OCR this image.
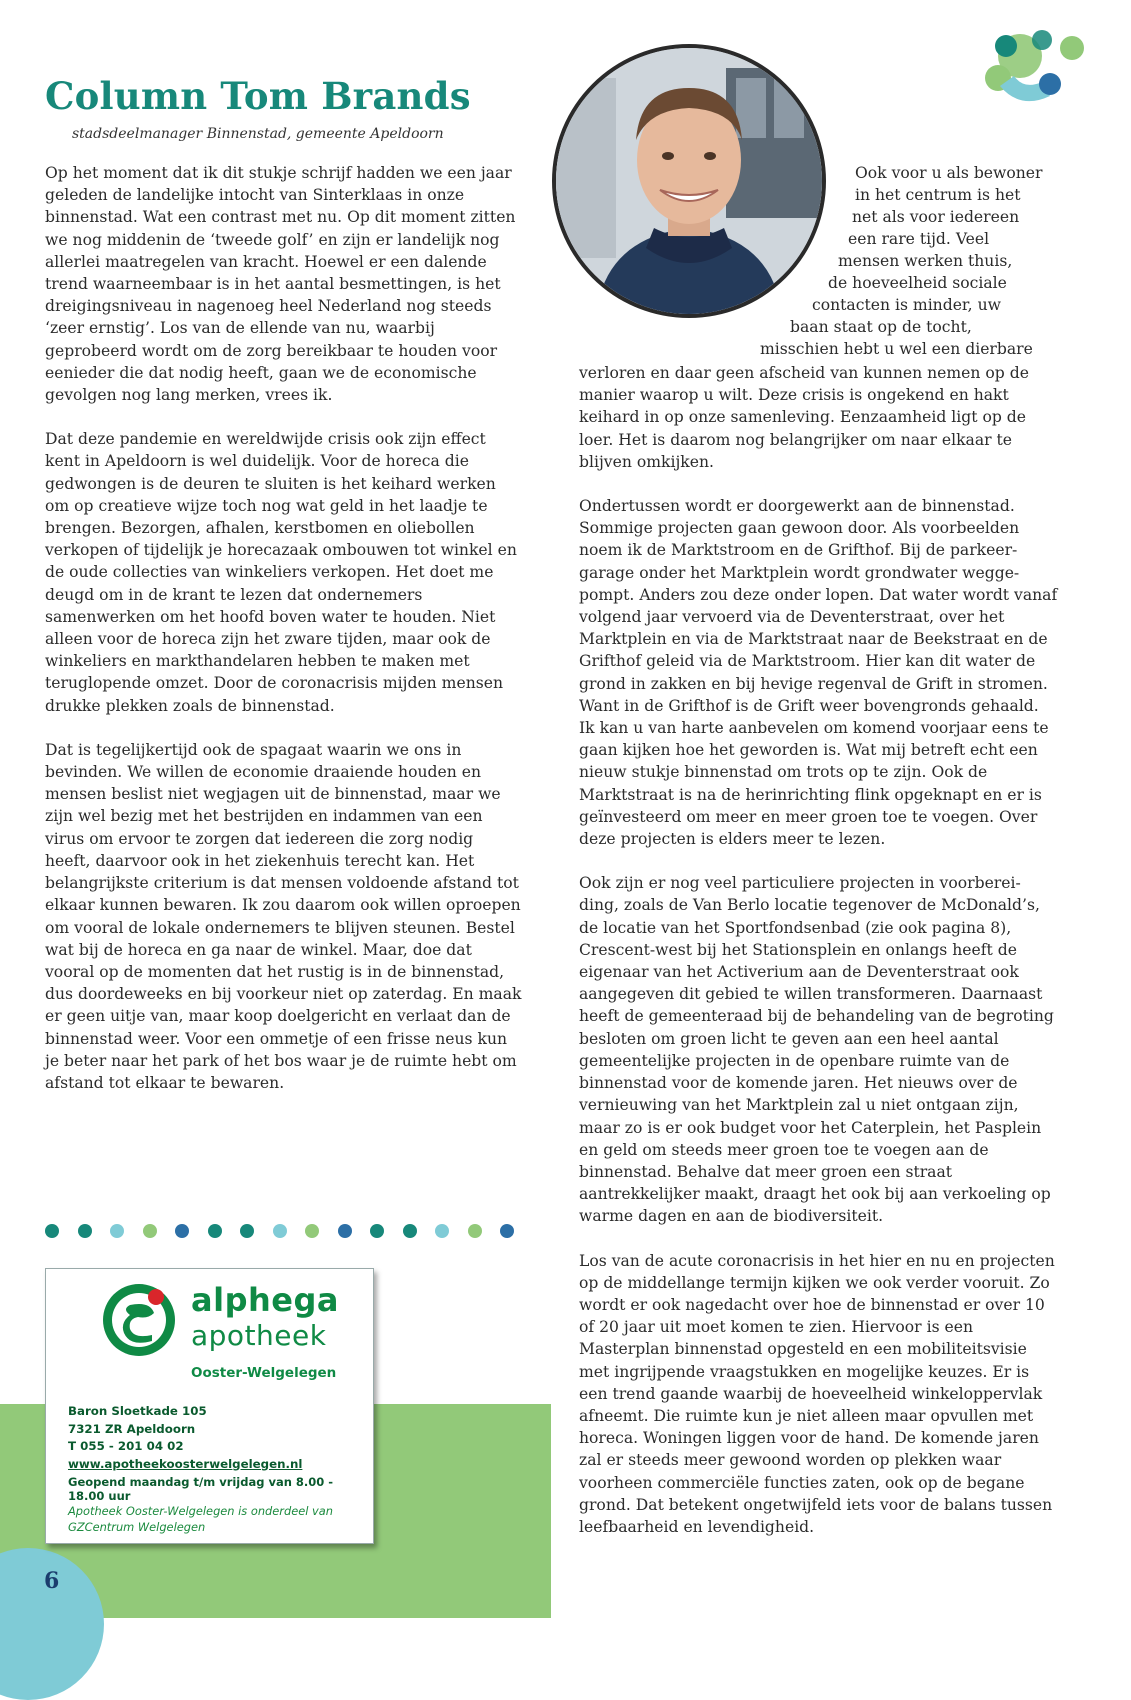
6
Column Tom Brands
stadsdeelmanager Binnenstad, gemeente Apeldoorn

Op het moment dat ik dit stukje schrijf hadden we een jaar geleden de landelijke intocht van Sinterklaas in onze binnenstad. Wat een contrast met nu. Op dit moment zitten we nog middenin de ‘tweede golf’ en zijn er landelijk nog allerlei maatregelen van kracht. Hoewel er een dalende trend waarneembaar is in het aantal besmettingen, is het dreigingsniveau in nagenoeg heel Nederland nog steeds ‘zeer ernstig’. Los van de ellende van nu, waarbij geprobeerd wordt om de zorg bereikbaar te houden voor eenieder die dat nodig heeft, gaan we de economische gevolgen nog lang merken, vrees ik.

Dat deze pandemie en wereldwijde crisis ook zijn effect kent in Apeldoorn is wel duidelijk. Voor de horeca die gedwongen is de deuren te sluiten is het keihard werken om op creatieve wijze toch nog wat geld in het laadje te brengen. Bezorgen, afhalen, kerstbomen en oliebollen verkopen of tijdelijk je horecazaak ombouwen tot winkel en de oude collecties van winkeliers verkopen. Het doet me deugd om in de krant te lezen dat ondernemers samenwerken om het hoofd boven water te houden. Niet alleen voor de horeca zijn het zware tijden, maar ook de winkeliers en markthandelaren hebben te maken met teruglopende omzet. Door de coronacrisis mijden mensen drukke plekken zoals de binnenstad.

Dat is tegelijkertijd ook de spagaat waarin we ons in bevinden. We willen de economie draaiende houden en mensen beslist niet wegjagen uit de binnenstad, maar we zijn wel bezig met het bestrijden en indammen van een virus om ervoor te zorgen dat iedereen die zorg nodig heeft, daarvoor ook in het ziekenhuis terecht kan. Het belangrijkste criterium is dat mensen voldoende afstand tot elkaar kunnen bewaren. Ik zou daarom ook willen oproepen om vooral de lokale ondernemers te blijven steunen. Bestel wat bij de horeca en ga naar de winkel. Maar, doe dat vooral op de momenten dat het rustig is in de binnenstad, dus doordeweeks en bij voorkeur niet op zaterdag. En maak er geen uitje van, maar koop doelgericht en verlaat dan de binnenstad weer. Voor een ommetje of een frisse neus kun je beter naar het park of het bos waar je de ruimte hebt om afstand tot elkaar te bewaren.

Ook voor u als bewoner
in het centrum is het
net als voor iedereen
een rare tijd. Veel
mensen werken thuis,
de hoeveelheid sociale
contacten is minder, uw
baan staat op de tocht,
misschien hebt u wel een dierbare

verloren en daar geen afscheid van kunnen nemen op de manier waarop u wilt. Deze crisis is ongekend en hakt keihard in op onze samenleving. Eenzaamheid ligt op de loer. Het is daarom nog belangrijker om naar elkaar te blijven omkijken.

Ondertussen wordt er doorgewerkt aan de binnenstad. Sommige projecten gaan gewoon door. Als voorbeelden noem ik de Marktstroom en de Grifthof. Bij de parkeer-garage onder het Marktplein wordt grondwater wegge-pompt. Anders zou deze onder lopen. Dat water wordt vanaf volgend jaar vervoerd via de Deventerstraat, over het Marktplein en via de Marktstraat naar de Beekstraat en de Grifthof geleid via de Marktstroom. Hier kan dit water de grond in zakken en bij hevige regenval de Grift in stromen. Want in de Grifthof is de Grift weer bovengronds gehaald. Ik kan u van harte aanbevelen om komend voorjaar eens te gaan kijken hoe het geworden is. Wat mij betreft echt een nieuw stukje binnenstad om trots op te zijn. Ook de Marktstraat is na de herinrichting flink opgeknapt en er is geïnvesteerd om meer en meer groen toe te voegen. Over deze projecten is elders meer te lezen.

Ook zijn er nog veel particuliere projecten in voorberei-ding, zoals de Van Berlo locatie tegenover de McDonald’s, de locatie van het Sportfondsenbad (zie ook pagina 8), Crescent-west bij het Stationsplein en onlangs heeft de eigenaar van het Activerium aan de Deventerstraat ook aangegeven dit gebied te willen transformeren. Daarnaast heeft de gemeenteraad bij de behandeling van de begroting besloten om groen licht te geven aan een heel aantal gemeentelijke projecten in de openbare ruimte van de binnenstad voor de komende jaren. Het nieuws over de vernieuwing van het Marktplein zal u niet ontgaan zijn, maar zo is er ook budget voor het Caterplein, het Pasplein en geld om steeds meer groen toe te voegen aan de binnenstad. Behalve dat meer groen een straat aantrekkelijker maakt, draagt het ook bij aan verkoeling op warme dagen en aan de biodiversiteit.

Los van de acute coronacrisis in het hier en nu en projecten op de middellange termijn kijken we ook verder vooruit. Zo wordt er ook nagedacht over hoe de binnenstad er over 10 of 20 jaar uit moet komen te zien. Hiervoor is een Masterplan binnenstad opgesteld en een mobiliteitsvisie met ingrijpende vraagstukken en mogelijke keuzes. Er is een trend gaande waarbij de hoeveelheid winkeloppervlak afneemt. Die ruimte kun je niet alleen maar opvullen met horeca. Woningen liggen voor de hand. De komende jaren zal er steeds meer gewoond worden op plekken waar voorheen commerciële functies zaten, ook op de begane grond. Dat betekent ongetwijfeld iets voor de balans tussen leefbaarheid en levendigheid.

alphega
apotheek
Ooster-Welgelegen
Baron Sloetkade 105
7321 ZR Apeldoorn
T 055 - 201 04 02
www.apotheekoosterwelgelegen.nl
Geopend maandag t/m vrijdag van 8.00 - 18.00 uur
Apotheek Ooster-Welgelegen is onderdeel van
GZCentrum Welgelegen
